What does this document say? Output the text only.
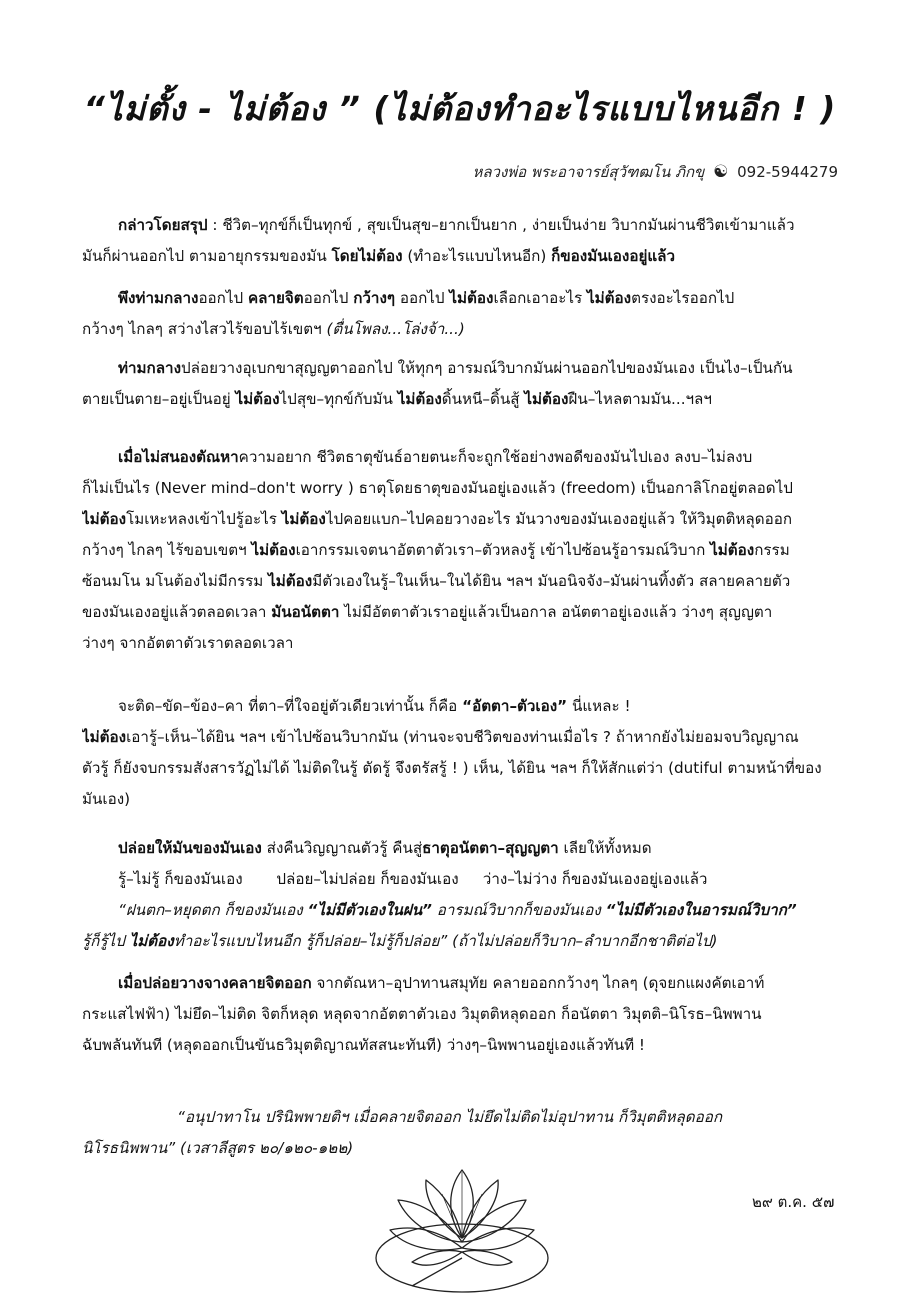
“ไม่ตั้ง - ไม่ต้อง ” (ไม่ต้องทำอะไรแบบไหนอีก ! )
หลวงพ่อ พระอาจารย์สุวัฑฒโน ภิกขุ ☯ 092-5944279
กล่าวโดยสรุป : ชีวิต–ทุกข์ก็เป็นทุกข์ , สุขเป็นสุข–ยากเป็นยาก , ง่ายเป็นง่าย วิบากมันผ่านชีวิตเข้ามาแล้ว
มันก็ผ่านออกไป ตามอายุกรรมของมัน โดยไม่ต้อง (ทำอะไรแบบไหนอีก) ก็ของมันเองอยู่แล้ว
พึงท่ามกลางออกไป คลายจิตออกไป กว้างๆ ออกไป ไม่ต้องเลือกเอาอะไร ไม่ต้องตรงอะไรออกไป
กว้างๆ ไกลๆ สว่างไสวไร้ขอบไร้เขตฯ (ตื่นโพลง...โล่งจ้า...)
ท่ามกลางปล่อยวางอุเบกขาสุญญตาออกไป ให้ทุกๆ อารมณ์วิบากมันผ่านออกไปของมันเอง เป็นไง–เป็นกัน
ตายเป็นตาย–อยู่เป็นอยู่ ไม่ต้องไปสุข–ทุกข์กับมัน ไม่ต้องดิ้นหนี–ดิ้นสู้ ไม่ต้องฝืน–ไหลตามมัน...ฯลฯ
เมื่อไม่สนองตัณหาความอยาก ชีวิตธาตุขันธ์อายตนะก็จะถูกใช้อย่างพอดีของมันไปเอง ลงบ–ไม่ลงบ
ก็ไม่เป็นไร (Never mind–don't worry ) ธาตุโดยธาตุของมันอยู่เองแล้ว (freedom) เป็นอกาลิโกอยู่ตลอดไป
ไม่ต้องโมเหะหลงเข้าไปรู้อะไร ไม่ต้องไปคอยแบก–ไปคอยวางอะไร มันวางของมันเองอยู่แล้ว ให้วิมุตติหลุดออก
กว้างๆ ไกลๆ ไร้ขอบเขตฯ ไม่ต้องเอากรรมเจตนาอัตตาตัวเรา–ตัวหลงรู้ เข้าไปซ้อนรู้อารมณ์วิบาก ไม่ต้องกรรม
ซ้อนมโน มโนต้องไม่มีกรรม ไม่ต้องมีตัวเองในรู้–ในเห็น–ในได้ยิน ฯลฯ มันอนิจจัง–มันผ่านทิ้งตัว สลายคลายตัว
ของมันเองอยู่แล้วตลอดเวลา มันอนัตตา ไม่มีอัตตาตัวเราอยู่แล้วเป็นอกาล อนัตตาอยู่เองแล้ว ว่างๆ สุญญตา
ว่างๆ จากอัตตาตัวเราตลอดเวลา
จะติด–ขัด–ข้อง–คา ที่ตา–ที่ใจอยู่ตัวเดียวเท่านั้น ก็คือ “อัตตา–ตัวเอง” นี่แหละ !
ไม่ต้องเอารู้–เห็น–ได้ยิน ฯลฯ เข้าไปซ้อนวิบากมัน (ท่านจะจบชีวิตของท่านเมื่อไร ? ถ้าหากยังไม่ยอมจบวิญญาณ
ตัวรู้ ก็ยังจบกรรมสังสารวัฏไม่ได้ ไม่ติดในรู้ ตัดรู้ จึงตรัสรู้ ! ) เห็น, ได้ยิน ฯลฯ ก็ให้สักแต่ว่า (dutiful ตามหน้าที่ของ
มันเอง)
ปล่อยให้มันของมันเอง ส่งคืนวิญญาณตัวรู้ คืนสู่ธาตุอนัตตา–สุญญตา เลียให้ทั้งหมด
รู้–ไม่รู้ ก็ของมันเอง       ปล่อย–ไม่ปล่อย ก็ของมันเอง     ว่าง–ไม่ว่าง ก็ของมันเองอยู่เองแล้ว
“ฝนตก–หยุดตก ก็ของมันเอง “ไม่มีตัวเองในฝน” อารมณ์วิบากก็ของมันเอง “ไม่มีตัวเองในอารมณ์วิบาก”
รู้ก็รู้ไป ไม่ต้องทำอะไรแบบไหนอีก รู้ก็ปล่อย–ไม่รู้ก็ปล่อย” (ถ้าไม่ปล่อยก็วิบาก–ลำบากอีกชาติต่อไป)
เมื่อปล่อยวางจางคลายจิตออก จากตัณหา–อุปาทานสมุทัย คลายออกกว้างๆ ไกลๆ (ดุจยกแผงคัตเอาท์
กระแสไฟฟ้า) ไม่ยึด–ไม่ติด จิตก็หลุด หลุดจากอัตตาตัวเอง วิมุตติหลุดออก ก็อนัตตา วิมุตติ–นิโรธ–นิพพาน
ฉับพลันทันที (หลุดออกเป็นขันธวิมุตติญาณทัสสนะทันที) ว่างๆ–นิพพานอยู่เองแล้วทันที !
“อนุปาทาโน ปรินิพพายติฯ เมื่อคลายจิตออก ไม่ยึดไม่ติดไม่อุปาทาน ก็วิมุตติหลุดออก
นิโรธนิพพาน” (เวสาลีสูตร ๒๐/๑๒๐-๑๒๒)
๒๙ ต.ค. ๕๗
